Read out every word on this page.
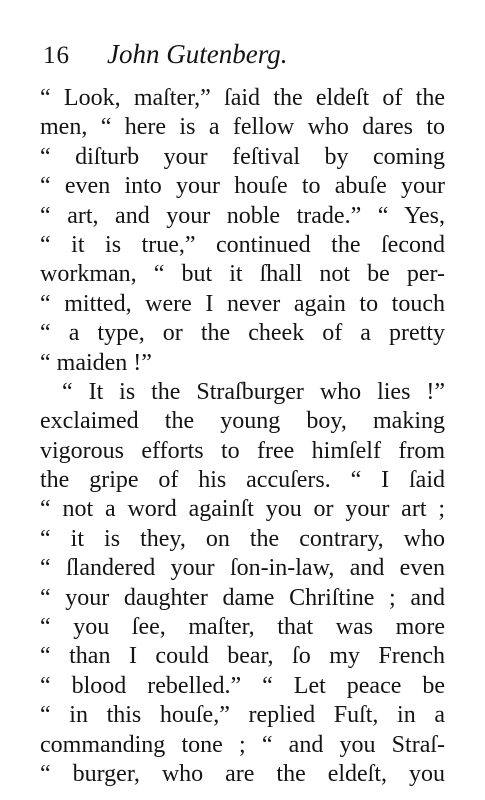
16 John Gutenberg.
“ Look, maſter,” ſaid the eldeſt of the
men, “ here is a fellow who dares to
“ diſturb your feſtival by coming
“ even into your houſe to abuſe your
“ art, and your noble trade.” “ Yes,
“ it is true,” continued the ſecond
workman, “ but it ſhall not be per-
“ mitted, were I never again to touch
“ a type, or the cheek of a pretty
“ maiden !”
“ It is the Straſburger who lies !”
exclaimed the young boy, making
vigorous efforts to free himſelf from
the gripe of his accuſers. “ I ſaid
“ not a word againſt you or your art ;
“ it is they, on the contrary, who
“ ſlandered your ſon-in-law, and even
“ your daughter dame Chriſtine ; and
“ you ſee, maſter, that was more
“ than I could bear, ſo my French
“ blood rebelled.” “ Let peace be
“ in this houſe,” replied Fuſt, in a
commanding tone ; “ and you Straſ-
“ burger, who are the eldeſt, you
